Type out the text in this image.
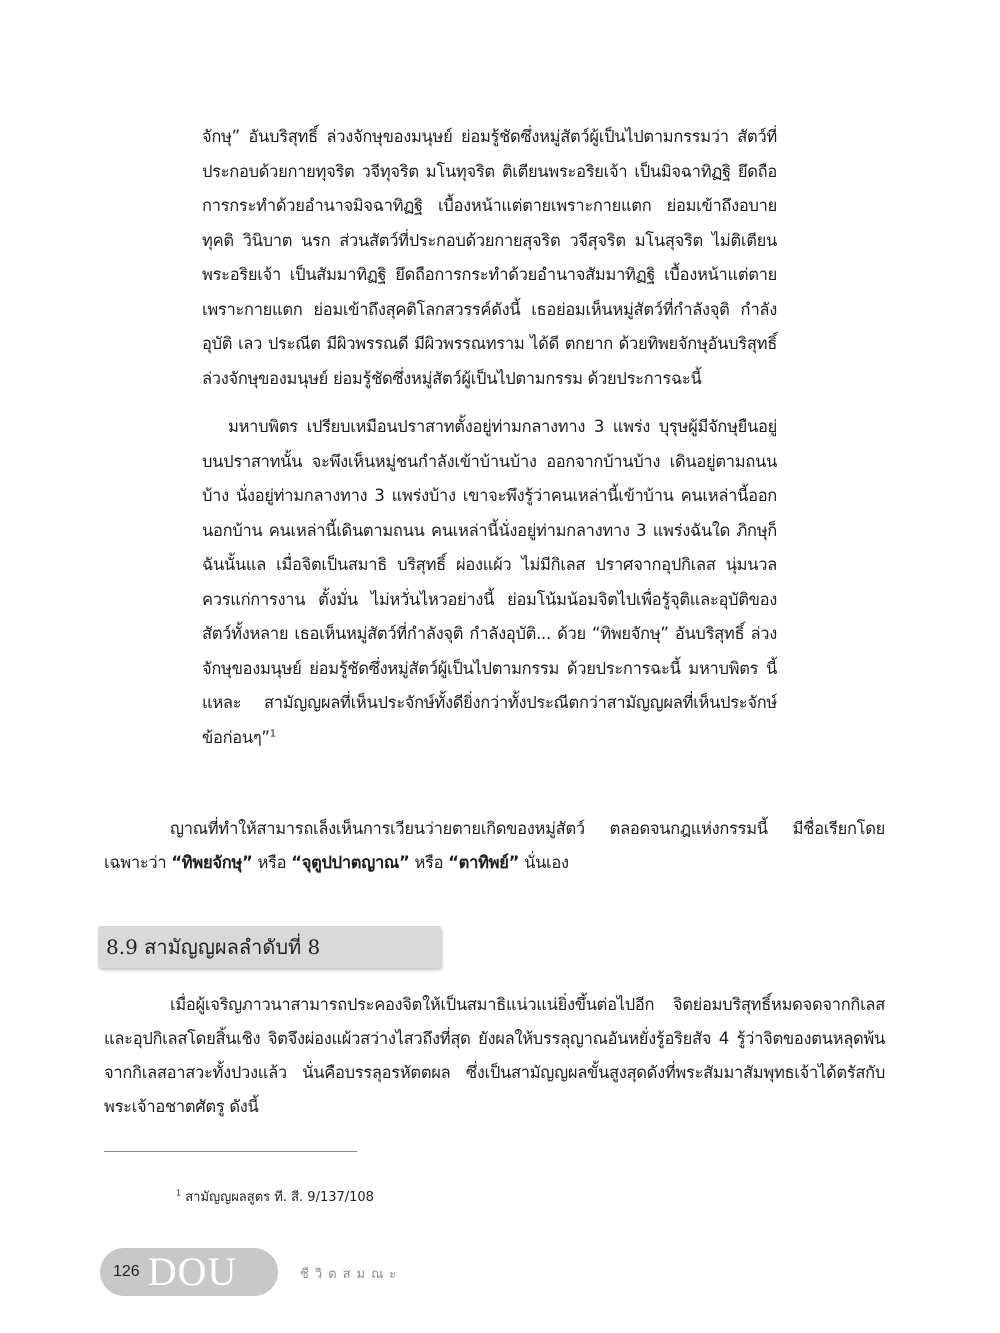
จักษุ” อันบริสุทธิ์ ล่วงจักษุของมนุษย์ ย่อมรู้ชัดซึ่งหมู่สัตว์ผู้เป็นไปตามกรรมว่า สัตว์ที่ประกอบด้วยกายทุจริต วจีทุจริต มโนทุจริต ติเตียนพระอริยเจ้า เป็นมิจฉาทิฏฐิ ยึดถือการกระทำด้วยอำนาจมิจฉาทิฏฐิ เบื้องหน้าแต่ตายเพราะกายแตก ย่อมเข้าถึงอบาย ทุคติ วินิบาต นรก ส่วนสัตว์ที่ประกอบด้วยกายสุจริต วจีสุจริต มโนสุจริต ไม่ติเตียนพระอริยเจ้า เป็นสัมมาทิฏฐิ ยึดถือการกระทำด้วยอำนาจสัมมาทิฏฐิ เบื้องหน้าแต่ตายเพราะกายแตก ย่อมเข้าถึงสุคติโลกสวรรค์ดังนี้ เธอย่อมเห็นหมู่สัตว์ที่กำลังจุติ กำลังอุบัติ เลว ประณีต มีผิวพรรณดี มีผิวพรรณทราม ได้ดี ตกยาก ด้วยทิพยจักษุอันบริสุทธิ์ล่วงจักษุของมนุษย์ ย่อมรู้ชัดซึ่งหมู่สัตว์ผู้เป็นไปตามกรรม ด้วยประการฉะนี้

มหาบพิตร เปรียบเหมือนปราสาทตั้งอยู่ท่ามกลางทาง 3 แพร่ง บุรุษผู้มีจักษุยืนอยู่บนปราสาทนั้น จะพึงเห็นหมู่ชนกำลังเข้าบ้านบ้าง ออกจากบ้านบ้าง เดินอยู่ตามถนนบ้าง นั่งอยู่ท่ามกลางทาง 3 แพร่งบ้าง เขาจะพึงรู้ว่าคนเหล่านี้เข้าบ้าน คนเหล่านี้ออกนอกบ้าน คนเหล่านี้เดินตามถนน คนเหล่านี้นั่งอยู่ท่ามกลางทาง 3 แพร่งฉันใด ภิกษุก็ฉันนั้นแล เมื่อจิตเป็นสมาธิ บริสุทธิ์ ผ่องแผ้ว ไม่มีกิเลส ปราศจากอุปกิเลส นุ่มนวล ควรแก่การงาน ตั้งมั่น ไม่หวั่นไหวอย่างนี้ ย่อมโน้มน้อมจิตไปเพื่อรู้จุติและอุบัติของสัตว์ทั้งหลาย เธอเห็นหมู่สัตว์ที่กำลังจุติ กำลังอุบัติ... ด้วย “ทิพยจักษุ” อันบริสุทธิ์ ล่วงจักษุของมนุษย์ ย่อมรู้ชัดซึ่งหมู่สัตว์ผู้เป็นไปตามกรรม ด้วยประการฉะนี้ มหาบพิตร นี้แหละ สามัญญผลที่เห็นประจักษ์ทั้งดียิ่งกว่าทั้งประณีตกว่าสามัญญผลที่เห็นประจักษ์ข้อก่อนๆ”$^1$

ญาณที่ทำให้สามารถเล็งเห็นการเวียนว่ายตายเกิดของหมู่สัตว์ ตลอดจนกฎแห่งกรรมนี้ มีชื่อเรียกโดยเฉพาะว่า “ทิพยจักษุ” หรือ “จุตูปปาตญาณ” หรือ “ตาทิพย์” นั่นเอง

8.9 สามัญญผลลำดับที่ 8

เมื่อผู้เจริญภาวนาสามารถประคองจิตให้เป็นสมาธิแน่วแน่ยิ่งขึ้นต่อไปอีก จิตย่อมบริสุทธิ์หมดจดจากกิเลสและอุปกิเลสโดยสิ้นเชิง จิตจึงผ่องแผ้วสว่างไสวถึงที่สุด ยังผลให้บรรลุญาณอันหยั่งรู้อริยสัจ 4 รู้ว่าจิตของตนหลุดพ้นจากกิเลสอาสวะทั้งปวงแล้ว นั่นคือบรรลุอรหัตตผล ซึ่งเป็นสามัญญผลขั้นสูงสุดดังที่พระสัมมาสัมพุทธเจ้าได้ตรัสกับพระเจ้าอชาตศัตรู ดังนี้

$^1$ สามัญญผลสูตร ที. สี. 9/137/108
126 DOU	ชีวิตสมณะ
